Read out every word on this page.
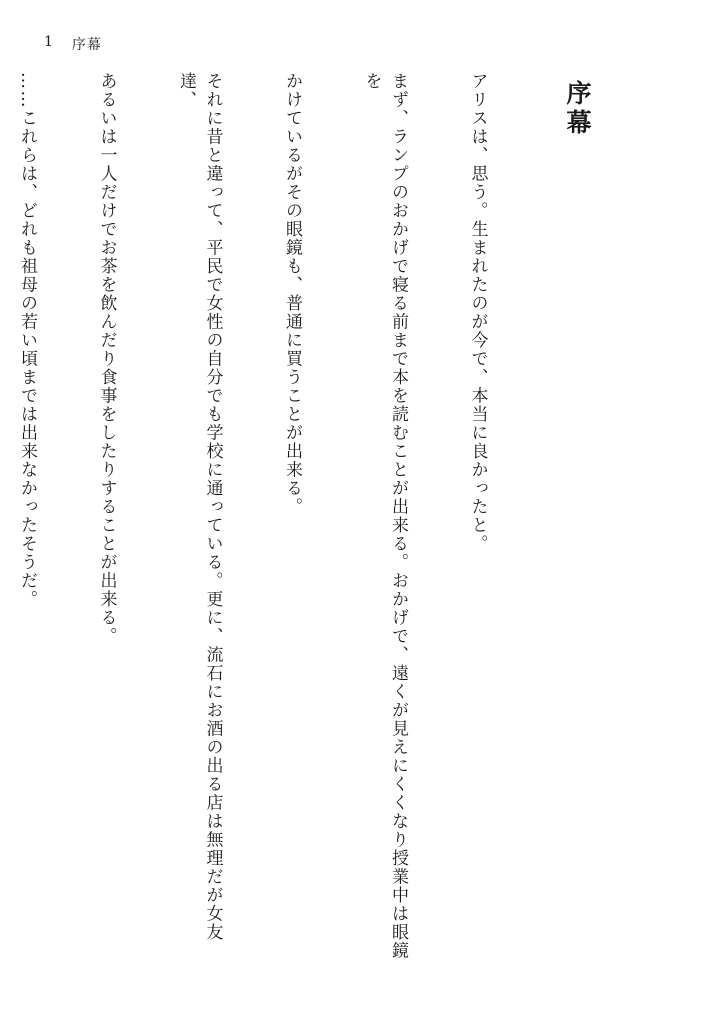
1 序幕

序幕

アリスは、思う。生まれたのが今で、本当に良かったと。

まず、ランプのおかげで寝る前まで本を読むことが出来る。おかげで、遠くが見えにくくなり授業中は眼鏡を

かけているがその眼鏡も、普通に買うことが出来る。

それに昔と違って、平民で女性の自分でも学校に通っている。更に、流石にお酒の出る店は無理だが女友達、

あるいは一人だけでお茶を飲んだり食事をしたりすることが出来る。

……これらは、どれも祖母の若い頃までは出来なかったそうだ。
